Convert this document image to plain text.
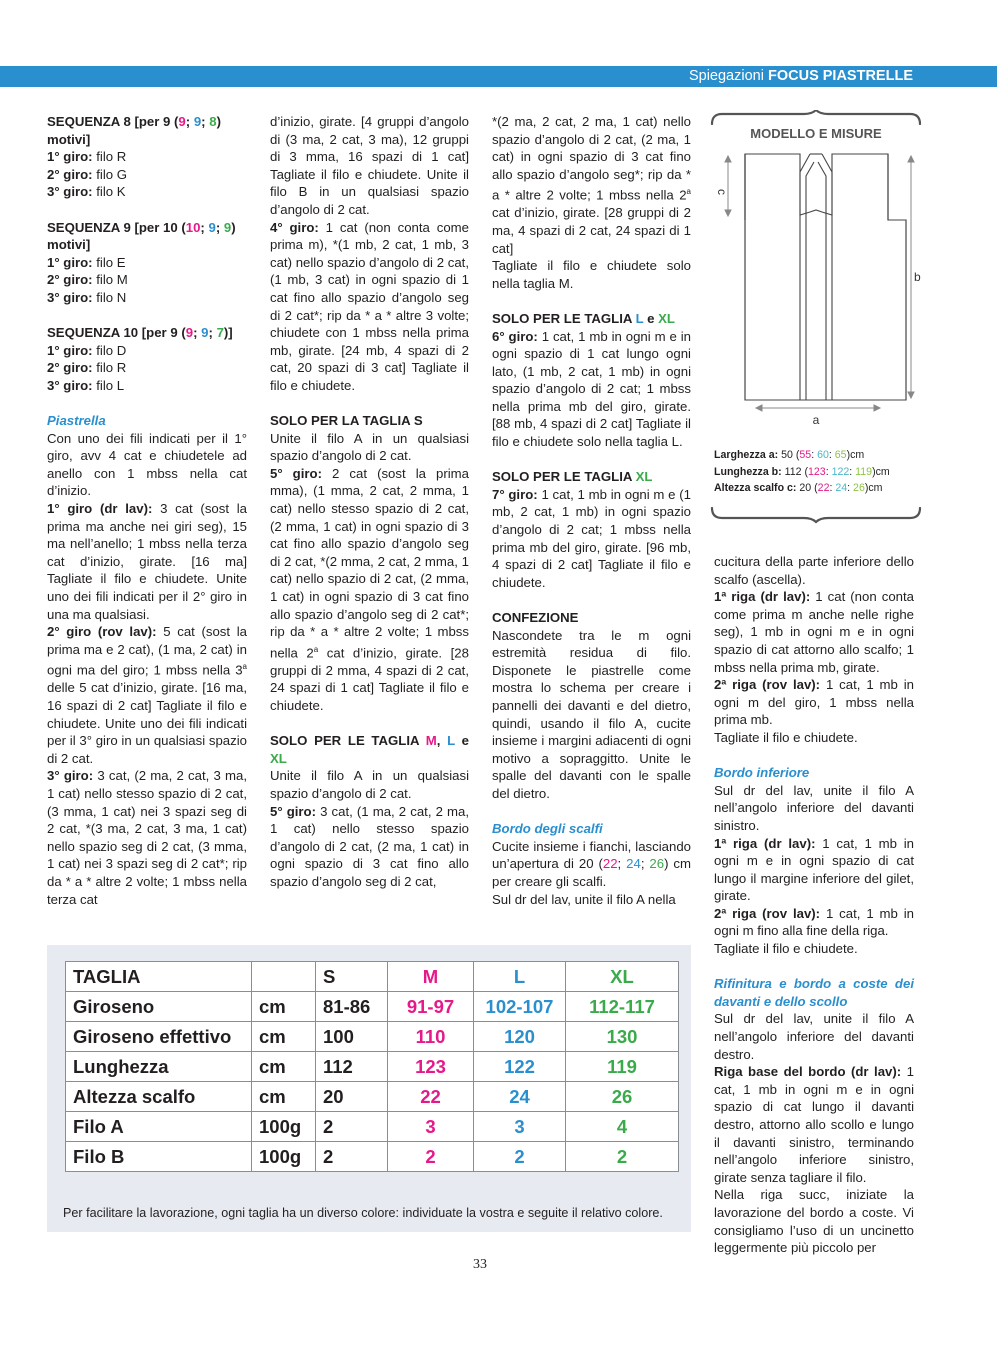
Spiegazioni FOCUS PIASTRELLE

SEQUENZA 8 [per 9 (9; 9; 8)
motivi]

1° giro: filo R

2° giro: filo G

3° giro: filo K

SEQUENZA 9 [per 10 (10; 9; 9)
motivi]

1° giro: filo E

2° giro: filo M

3° giro: filo N

SEQUENZA 10 [per 9 (9; 9; 7)]

1° giro: filo D

2° giro: filo R

3° giro: filo L

Piastrella

Con uno dei fili indicati per il 1° giro, avv 4 cat e chiudetele ad anello con 1 mbss nella cat d’inizio.

1° giro (dr lav): 3 cat (sost la prima ma anche nei giri seg), 15 ma nell’anello; 1 mbss nella terza cat d’inizio, girate. [16 ma] Tagliate il filo e chiudete. Unite uno dei fili indicati per il 2° giro in una ma qualsiasi.

2° giro (rov lav): 5 cat (sost la prima ma e 2 cat), (1 ma, 2 cat) in ogni ma del giro; 1 mbss nella 3$^a$ delle 5 cat d’inizio, girate. [16 ma, 16 spazi di 2 cat] Tagliate il filo e chiudete. Unite uno dei fili indicati per il 3° giro in un qualsiasi spazio di 2 cat.

3° giro: 3 cat, (2 ma, 2 cat, 3 ma, 1 cat) nello stesso spazio di 2 cat, (3 mma, 1 cat) nei 3 spazi seg di 2 cat, *(3 ma, 2 cat, 3 ma, 1 cat) nello spazio seg di 2 cat, (3 mma, 1 cat) nei 3 spazi seg di 2 cat*; rip da * a * altre 2 volte; 1 mbss nella terza cat

d’inizio, girate. [4 gruppi d’angolo di (3 ma, 2 cat, 3 ma), 12 gruppi di 3 mma, 16 spazi di 1 cat] Tagliate il filo e chiudete. Unite il filo B in un qualsiasi spazio d’angolo di 2 cat.

4° giro: 1 cat (non conta come prima m), *(1 mb, 2 cat, 1 mb, 3 cat) nello spazio d’angolo di 2 cat, (1 mb, 3 cat) in ogni spazio di 1 cat fino allo spazio d’angolo seg di 2 cat*; rip da * a * altre 3 volte; chiudete con 1 mbss nella prima mb, girate. [24 mb, 4 spazi di 2 cat, 20 spazi di 3 cat] Tagliate il filo e chiudete.

SOLO PER LA TAGLIA S

Unite il filo A in un qualsiasi spazio d’angolo di 2 cat.

5° giro: 2 cat (sost la prima mma), (1 mma, 2 cat, 2 mma, 1 cat) nello stesso spazio di 2 cat, (2 mma, 1 cat) in ogni spazio di 3 cat fino allo spazio d’angolo seg di 2 cat, *(2 mma, 2 cat, 2 mma, 1 cat) nello spazio di 2 cat, (2 mma, 1 cat) in ogni spazio di 3 cat fino allo spazio d’angolo seg di 2 cat*; rip da * a * altre 2 volte; 1 mbss nella 2$^a$ cat d’inizio, girate. [28 gruppi di 2 mma, 4 spazi di 2 cat, 24 spazi di 1 cat] Tagliate il filo e chiudete.

SOLO PER LE TAGLIA M, L e XL

Unite il filo A in un qualsiasi spazio d’angolo di 2 cat.

5° giro: 3 cat, (1 ma, 2 cat, 2 ma, 1 cat) nello stesso spazio d’angolo di 2 cat, (2 ma, 1 cat) in ogni spazio di 3 cat fino allo spazio d’angolo seg di 2 cat,

*(2 ma, 2 cat, 2 ma, 1 cat) nello spazio d’angolo di 2 cat, (2 ma, 1 cat) in ogni spazio di 3 cat fino allo spazio d’angolo seg*; rip da * a * altre 2 volte; 1 mbss nella 2$^a$ cat d’inizio, girate. [28 gruppi di 2 ma, 4 spazi di 2 cat, 24 spazi di 1 cat]

Tagliate il filo e chiudete solo nella taglia M.

SOLO PER LE TAGLIA L e XL

6° giro: 1 cat, 1 mb in ogni m e in ogni spazio di 1 cat lungo ogni lato, (1 mb, 2 cat, 1 mb) in ogni spazio d’angolo di 2 cat; 1 mbss nella prima mb del giro, girate. [88 mb, 4 spazi di 2 cat] Tagliate il filo e chiudete solo nella taglia L.

SOLO PER LE TAGLIA XL

7° giro: 1 cat, 1 mb in ogni m e (1 mb, 2 cat, 1 mb) in ogni spazio d’angolo di 2 cat; 1 mbss nella prima mb del giro, girate. [96 mb, 4 spazi di 2 cat] Tagliate il filo e chiudete.

CONFEZIONE

Nascondete tra le m ogni estremità residua di filo. Disponete le piastrelle come mostra lo schema per creare i pannelli dei davanti e del dietro, quindi, usando il filo A, cucite insieme i margini adiacenti di ogni motivo a sopraggitto. Unite le spalle del davanti con le spalle del dietro.

Bordo degli scalfi

Cucite insieme i fianchi, lasciando un’apertura di 20 (22; 24; 26) cm per creare gli scalfi.

Sul dr del lav, unite il filo A nella

MODELLO E MISURE
c
b
a
Larghezza a: 50 (55: 60: 65)cm
Lunghezza b: 112 (123: 122: 119)cm
Altezza scalfo c: 20 (22: 24: 26)cm

cucitura della parte inferiore dello scalfo (ascella).

1ª riga (dr lav): 1 cat (non conta come prima m anche nelle righe seg), 1 mb in ogni m e in ogni spazio di cat attorno allo scalfo; 1 mbss nella prima mb, girate.

2ª riga (rov lav): 1 cat, 1 mb in ogni m del giro, 1 mbss nella prima mb.

Tagliate il filo e chiudete.

Bordo inferiore

Sul dr del lav, unite il filo A nell’angolo inferiore del davanti sinistro.

1ª riga (dr lav): 1 cat, 1 mb in ogni m e in ogni spazio di cat lungo il margine inferiore del gilet, girate.

2ª riga (rov lav): 1 cat, 1 mb in ogni m fino alla fine della riga.

Tagliate il filo e chiudete.

Rifinitura e bordo a coste dei davanti e dello scollo

Sul dr del lav, unite il filo A nell’angolo inferiore del davanti destro.

Riga base del bordo (dr lav): 1 cat, 1 mb in ogni m e in ogni spazio di cat lungo il davanti destro, attorno allo scollo e lungo il davanti sinistro, terminando nell’angolo inferiore sinistro, girate senza tagliare il filo.

Nella riga succ, iniziate la lavorazione del bordo a coste. Vi consigliamo l’uso di un uncinetto leggermente più piccolo per

TAGLIA		S	M	L	XL
Giroseno	cm	81-86	91-97	102-107	112-117
Giroseno effettivo	cm	100	110	120	130
Lunghezza	cm	112	123	122	119
Altezza scalfo	cm	20	22	24	26
Filo A	100g	2	3	3	4
Filo B	100g	2	2	2	2
Per facilitare la lavorazione, ogni taglia ha un diverso colore: individuate la vostra e seguite il relativo colore.
33
